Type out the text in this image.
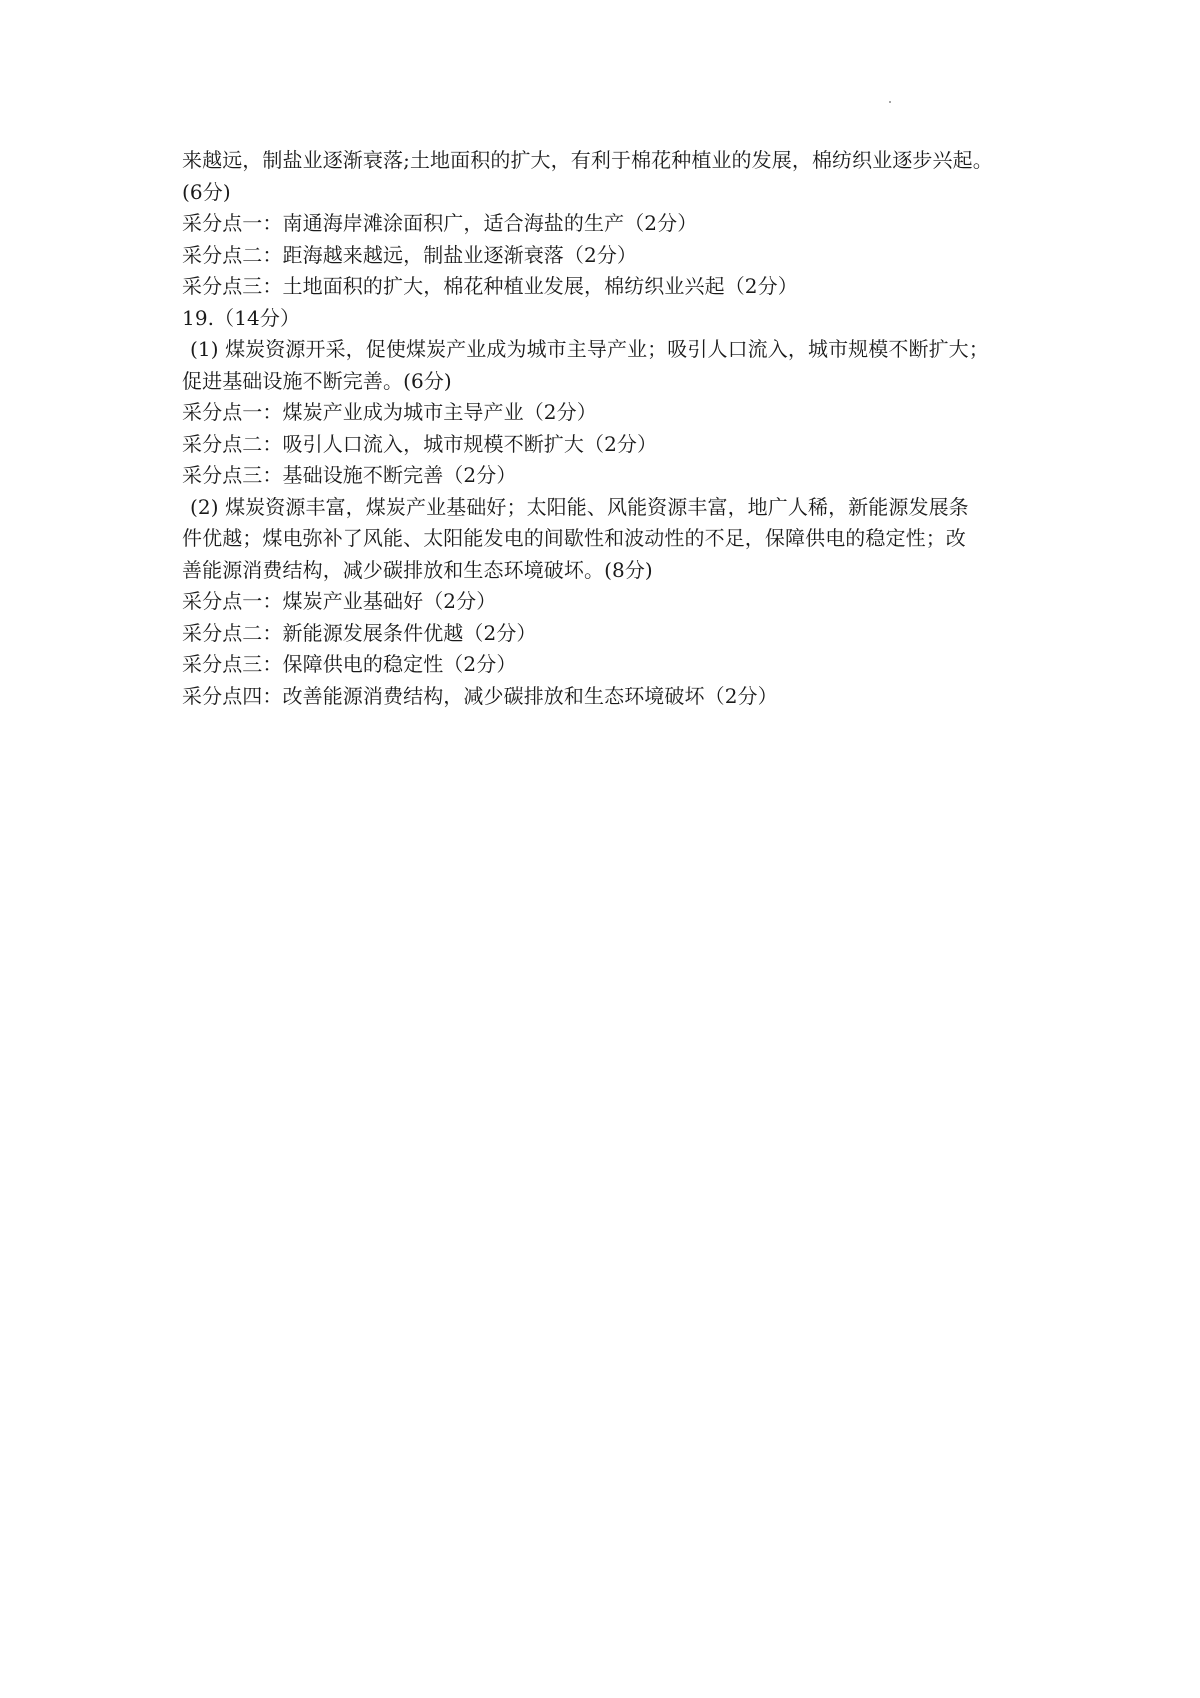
来越远，制盐业逐渐衰落;土地面积的扩大，有利于棉花种植业的发展，棉纺织业逐步兴起。
(6分)
采分点一：南通海岸滩涂面积广，适合海盐的生产（2分）
采分点二：距海越来越远，制盐业逐渐衰落（2分）
采分点三：土地面积的扩大，棉花种植业发展，棉纺织业兴起（2分）
19.（14分）
(1) 煤炭资源开采，促使煤炭产业成为城市主导产业；吸引人口流入，城市规模不断扩大；
促进基础设施不断完善。(6分)
采分点一：煤炭产业成为城市主导产业（2分）
采分点二：吸引人口流入，城市规模不断扩大（2分）
采分点三：基础设施不断完善（2分）
(2) 煤炭资源丰富，煤炭产业基础好；太阳能、风能资源丰富，地广人稀，新能源发展条
件优越；煤电弥补了风能、太阳能发电的间歇性和波动性的不足，保障供电的稳定性；改
善能源消费结构，减少碳排放和生态环境破坏。(8分)
采分点一：煤炭产业基础好（2分）
采分点二：新能源发展条件优越（2分）
采分点三：保障供电的稳定性（2分）
采分点四：改善能源消费结构，减少碳排放和生态环境破坏（2分）
